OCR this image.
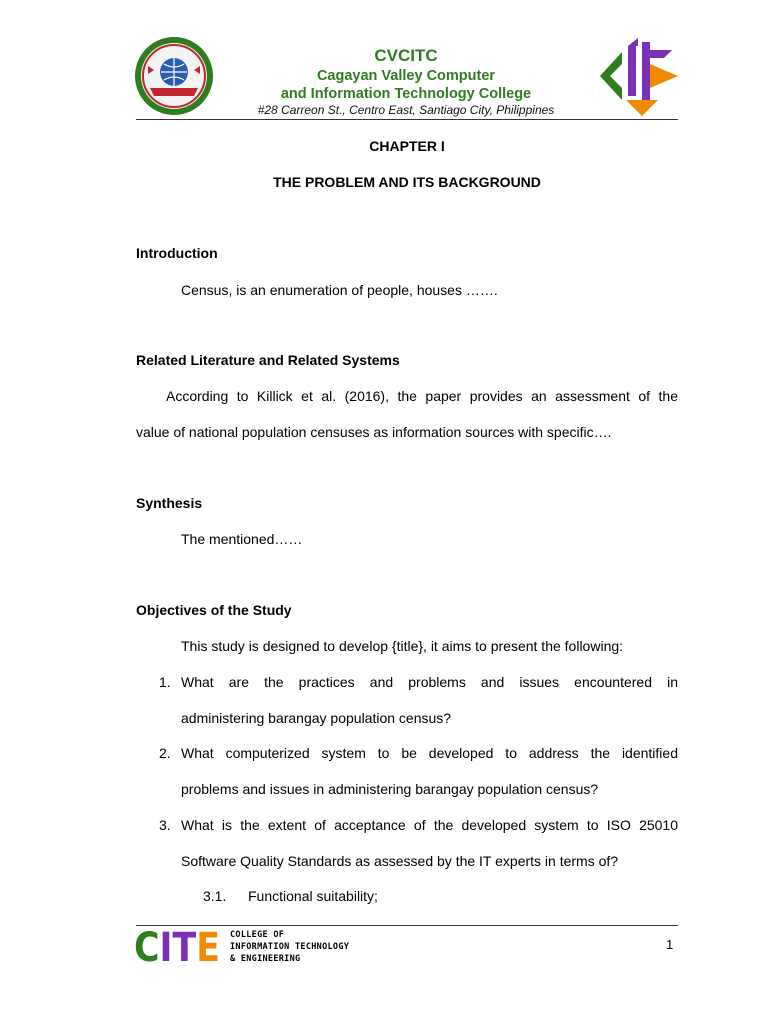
CVCITC
Cagayan Valley Computer
and Information Technology College
#28 Carreon St., Centro East, Santiago City, Philippines
CHAPTER I
THE PROBLEM AND ITS BACKGROUND
Introduction
Census, is an enumeration of people, houses …….
Related Literature and Related Systems
According to Killick et al. (2016), the paper provides an assessment of the
value of national population censuses as information sources with specific….
Synthesis
The mentioned……
Objectives of the Study
This study is designed to develop {title}, it aims to present the following:
1. What are the practices and problems and issues encountered in
administering barangay population census?
2. What computerized system to be developed to address the identified
problems and issues in administering barangay population census?
3. What is the extent of acceptance of the developed system to ISO 25010
Software Quality Standards as assessed by the IT experts in terms of?
3.1. Functional suitability;
CITE COLLEGE OF
INFORMATION TECHNOLOGY
& ENGINEERING
1
